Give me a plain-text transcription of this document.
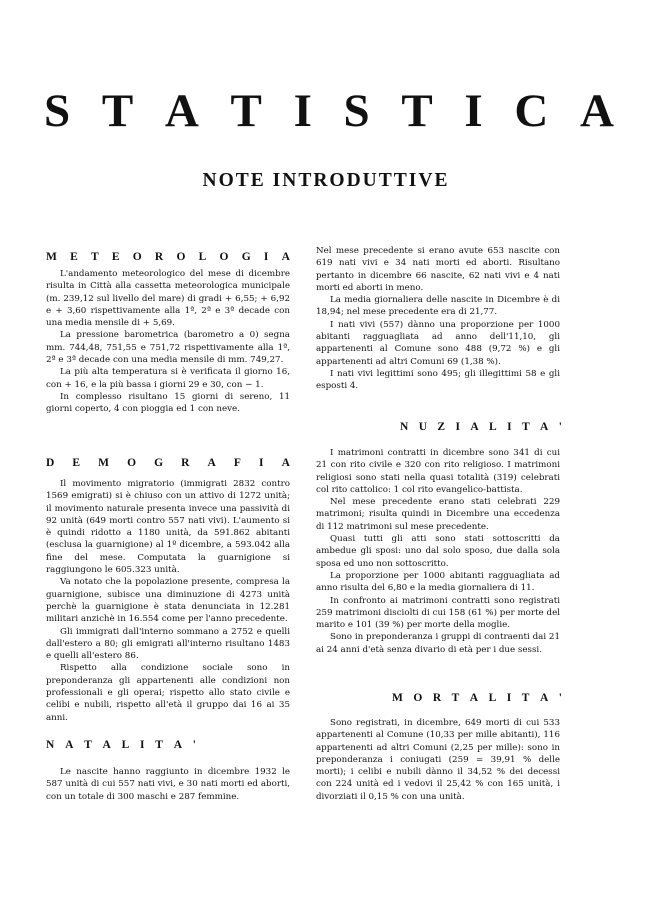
S T A T I S T I C A
NOTE INTRODUTTIVE
M E T E O R O L O G I A

L'andamento meteorologico del mese di dicembre risulta in Città alla cassetta meteorologica municipale (m. 239,12 sul livello del mare) di gradi + 6,55; + 6,92 e + 3,60 rispettivamente alla 1ª, 2ª e 3ª decade con una media mensile di + 5,69.

La pressione barometrica (barometro a 0) segna mm. 744,48, 751,55 e 751,72 rispettivamente alla 1ª, 2ª e 3ª decade con una media mensile di mm. 749,27.

La più alta temperatura si è verificata il giorno 16, con + 16, e la più bassa i giorni 29 e 30, con − 1.

In complesso risultano 15 giorni di sereno, 11 giorni coperto, 4 con pioggia ed 1 con neve.

D E M O G R A F I A

Il movimento migratorio (immigrati 2832 contro 1569 emigrati) si è chiuso con un attivo di 1272 unità; il movimento naturale presenta invece una passività di 92 unità (649 morti contro 557 nati vivi). L'aumento si è quindi ridotto a 1180 unità, da 591.862 abitanti (esclusa la guarnigione) al 1º dicembre, a 593.042 alla fine del mese. Computata la guarnigione si raggiungono le 605.323 unità.

Va notato che la popolazione presente, compresa la guarnigione, subisce una diminuzione di 4273 unità perchè la guarnigione è stata denunciata in 12.281 militari anzichè in 16.554 come per l'anno precedente.

Gli immigrati dall'interno sommano a 2752 e quelli dall'estero a 80; gli emigrati all'interno risultano 1483 e quelli all'estero 86.

Rispetto alla condizione sociale sono in preponderanza gli appartenenti alle condizioni non professionali e gli operai; rispetto allo stato civile e celibi e nubili, rispetto all'età il gruppo dai 16 ai 35 anni.

N A T A L I T A '

Le nascite hanno raggiunto in dicembre 1932 le 587 unità di cui 557 nati vivi, e 30 nati morti ed aborti, con un totale di 300 maschi e 287 femmine.

Nel mese precedente si erano avute 653 nascite con 619 nati vivi e 34 nati morti ed aborti. Risultano pertanto in dicembre 66 nascite, 62 nati vivi e 4 nati morti ed aborti in meno.

La media giornaliera delle nascite in Dicembre è di 18,94; nel mese precedente era di 21,77.

I nati vivi (557) dànno una proporzione per 1000 abitanti ragguagliata ad anno dell'11,10, gli appartenenti al Comune sono 488 (9,72 %) e gli appartenenti ad altri Comuni 69 (1,38 %).

I nati vivi legittimi sono 495; gli illegittimi 58 e gli esposti 4.

N U Z I A L I T A '

I matrimoni contratti in dicembre sono 341 di cui 21 con rito civile e 320 con rito religioso. I matrimoni religiosi sono stati nella quasi totalità (319) celebrati col rito cattolico: 1 col rito evangelico-battista.

Nel mese precedente erano stati celebrati 229 matrimoni; risulta quindi in Dicembre una eccedenza di 112 matrimoni sul mese precedente.

Quasi tutti gli atti sono stati sottoscritti da ambedue gli sposi: uno dal solo sposo, due dalla sola sposa ed uno non sottoscritto.

La proporzione per 1000 abitanti ragguagliata ad anno risulta del 6,80 e la media giornaliera di 11.

In confronto ai matrimoni contratti sono registrati 259 matrimoni disciolti di cui 158 (61 %) per morte del marito e 101 (39 %) per morte della moglie.

Sono in preponderanza i gruppi di contraenti dai 21 ai 24 anni d'età senza divario di età per i due sessi.

M O R T A L I T A '

Sono registrati, in dicembre, 649 morti di cui 533 appartenenti al Comune (10,33 per mille abitanti), 116 appartenenti ad altri Comuni (2,25 per mille): sono in preponderanza i coniugati (259 = 39,91 % delle morti); i celibi e nubili dànno il 34,52 % dei decessi con 224 unità ed i vedovi il 25,42 % con 165 unità, i divorziati il 0,15 % con una unità.
